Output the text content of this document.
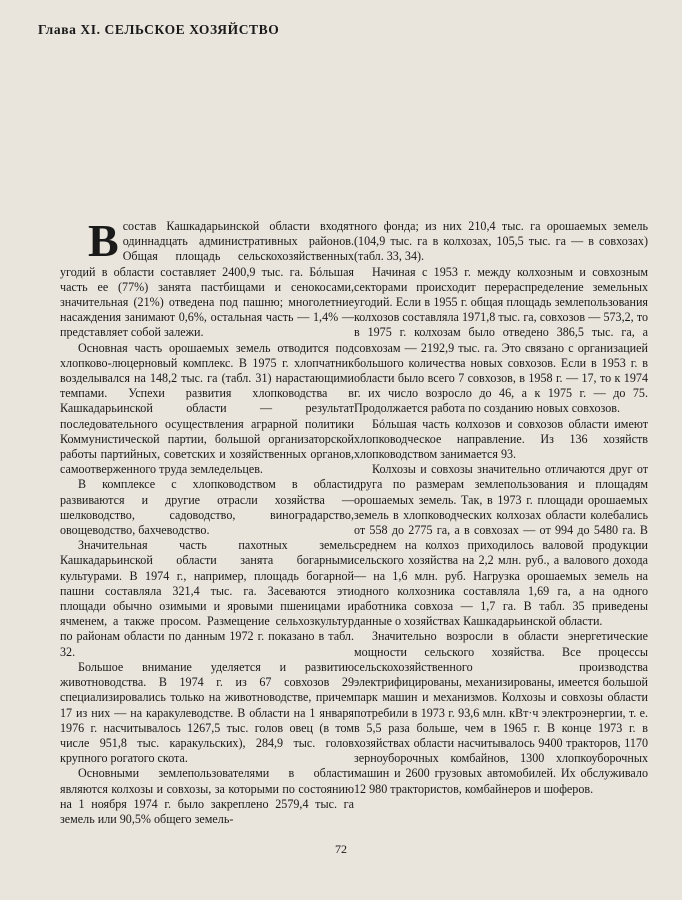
Глава XI. СЕЛЬСКОЕ ХОЗЯЙСТВО

Всостав Кашкадарьинской области входят одиннадцать административных районов. Общая площадь сельскохозяйственных угодий в области составляет 2400,9 тыс. га. Бóльшая часть ее (77%) занята пастбищами и сенокосами, значительная (21%) отведена под пашню; многолетние насаждения занимают 0,6%, остальная часть — 1,4% — представляет собой залежи.

Основная часть орошаемых земель отводится под хлопково-люцерновый комплекс. В 1975 г. хлопчатник возделывался на 148,2 тыс. га (табл. 31) нарастающими темпами. Успехи развития хлопководства в Кашкадарьинской области — результат последовательного осуществления аграрной политики Коммунистической партии, большой организаторской работы партийных, советских и хозяйственных органов, самоотверженного труда земледельцев.

В комплексе с хлопководством в области развиваются и другие отрасли хозяйства — шелководство, садоводство, виноградарство, овощеводство, бахчеводство.

Значительная часть пахотных земель Кашкадарьинской области занята богарными культурами. В 1974 г., например, площадь богарной пашни составляла 321,4 тыс. га. Засеваются эти площади обычно озимыми и яровыми пшеницами и ячменем, а также просом. Размещение сельхозкультур по районам области по данным 1972 г. показано в табл. 32.

Большое внимание уделяется и развитию животноводства. В 1974 г. из 67 совхозов 29 специализировались только на животноводстве, причем 17 из них — на каракулеводстве. В области на 1 января 1976 г. насчитывалось 1267,5 тыс. голов овец (в том числе 951,8 тыс. каракульских), 284,9 тыс. голов крупного рогатого скота.

Основными землепользователями в области являются колхозы и совхозы, за которыми по состоянию на 1 ноября 1974 г. было закреплено 2579,4 тыс. га земель или 90,5% общего земель-

ного фонда; из них 210,4 тыс. га орошаемых земель (104,9 тыс. га в колхозах, 105,5 тыс. га — в совхозах) (табл. 33, 34).

Начиная с 1953 г. между колхозным и совхозным секторами происходит перераспределение земельных угодий. Если в 1955 г. общая площадь землепользования колхозов составляла 1971,8 тыс. га, совхозов — 573,2, то в 1975 г. колхозам было отведено 386,5 тыс. га, а совхозам — 2192,9 тыс. га. Это связано с организацией большого количества новых совхозов. Если в 1953 г. в области было всего 7 совхозов, в 1958 г. — 17, то к 1974 г. их число возросло до 46, а к 1975 г. — до 75. Продолжается работа по созданию новых совхозов.

Бóльшая часть колхозов и совхозов области имеют хлопководческое направление. Из 136 хозяйств хлопководством занимается 93.

Колхозы и совхозы значительно отличаются друг от друга по размерам землепользования и площадям орошаемых земель. Так, в 1973 г. площади орошаемых земель в хлопководческих колхозах области колебались от 558 до 2775 га, а в совхозах — от 994 до 5480 га. В среднем на колхоз приходилось валовой продукции сельского хозяйства на 2,2 млн. руб., а валового дохода — на 1,6 млн. руб. Нагрузка орошаемых земель на одного колхозника составляла 1,69 га, а на одного работника совхоза — 1,7 га. В табл. 35 приведены данные о хозяйствах Кашкадарьинской области.

Значительно возросли в области энергетические мощности сельского хозяйства. Все процессы сельскохозяйственного производства электрифицированы, механизированы, имеется большой парк машин и механизмов. Колхозы и совхозы области потребили в 1973 г. 93,6 млн. кВт·ч электроэнергии, т. е. в 5,5 раза больше, чем в 1965 г. В конце 1973 г. в хозяйствах области насчитывалось 9400 тракторов, 1170 зерноуборочных комбайнов, 1300 хлопкоуборочных машин и 2600 грузовых автомобилей. Их обслуживало 12 980 трактористов, комбайнеров и шоферов.

72
